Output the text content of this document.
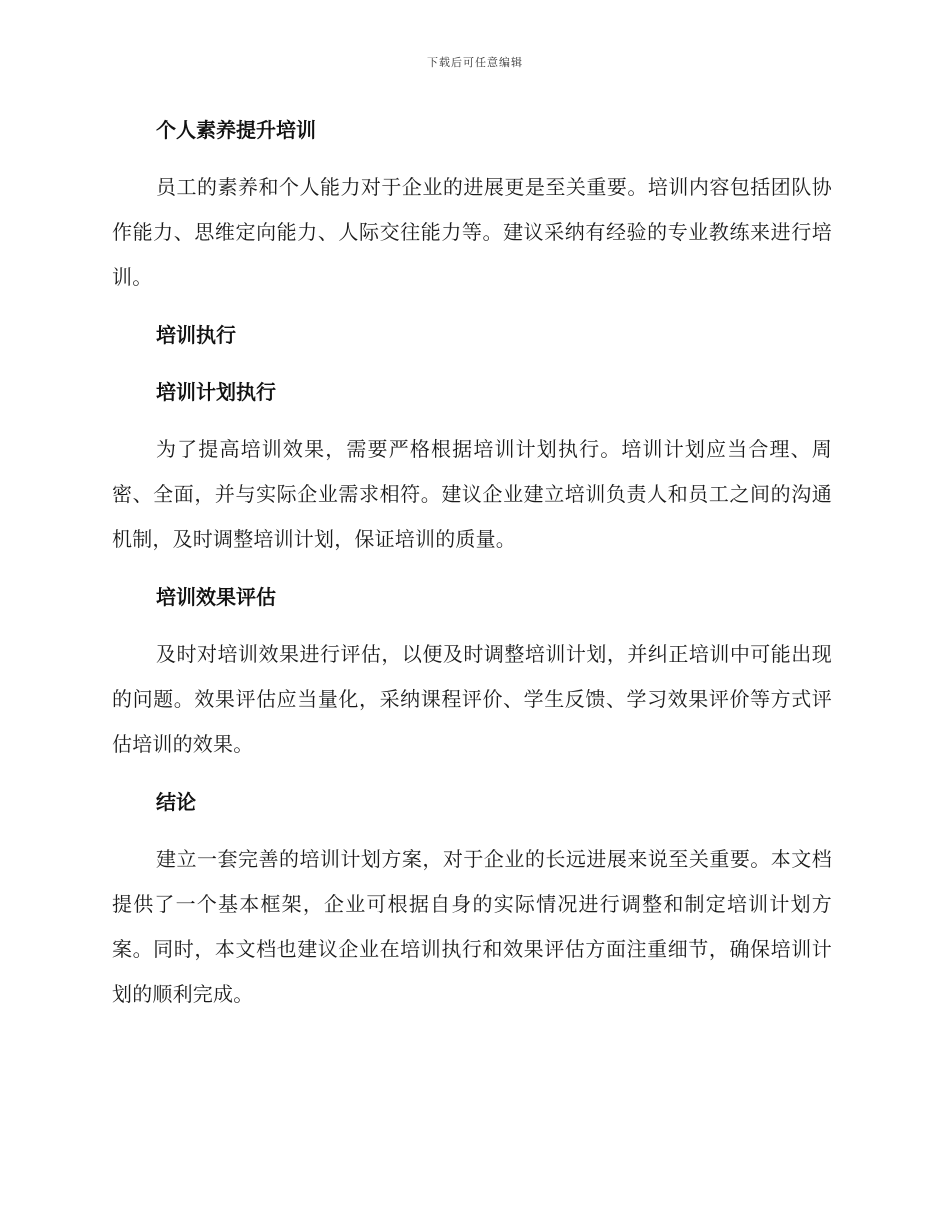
下载后可任意编辑
个人素养提升培训

员工的素养和个人能力对于企业的进展更是至关重要。培训内容包括团队协作能力、思维定向能力、人际交往能力等。建议采纳有经验的专业教练来进行培训。

培训执行
培训计划执行

为了提高培训效果，需要严格根据培训计划执行。培训计划应当合理、周密、全面，并与实际企业需求相符。建议企业建立培训负责人和员工之间的沟通机制，及时调整培训计划，保证培训的质量。

培训效果评估

及时对培训效果进行评估，以便及时调整培训计划，并纠正培训中可能出现的问题。效果评估应当量化，采纳课程评价、学生反馈、学习效果评价等方式评估培训的效果。

结论

建立一套完善的培训计划方案，对于企业的长远进展来说至关重要。本文档提供了一个基本框架，企业可根据自身的实际情况进行调整和制定培训计划方案。同时，本文档也建议企业在培训执行和效果评估方面注重细节，确保培训计划的顺利完成。
